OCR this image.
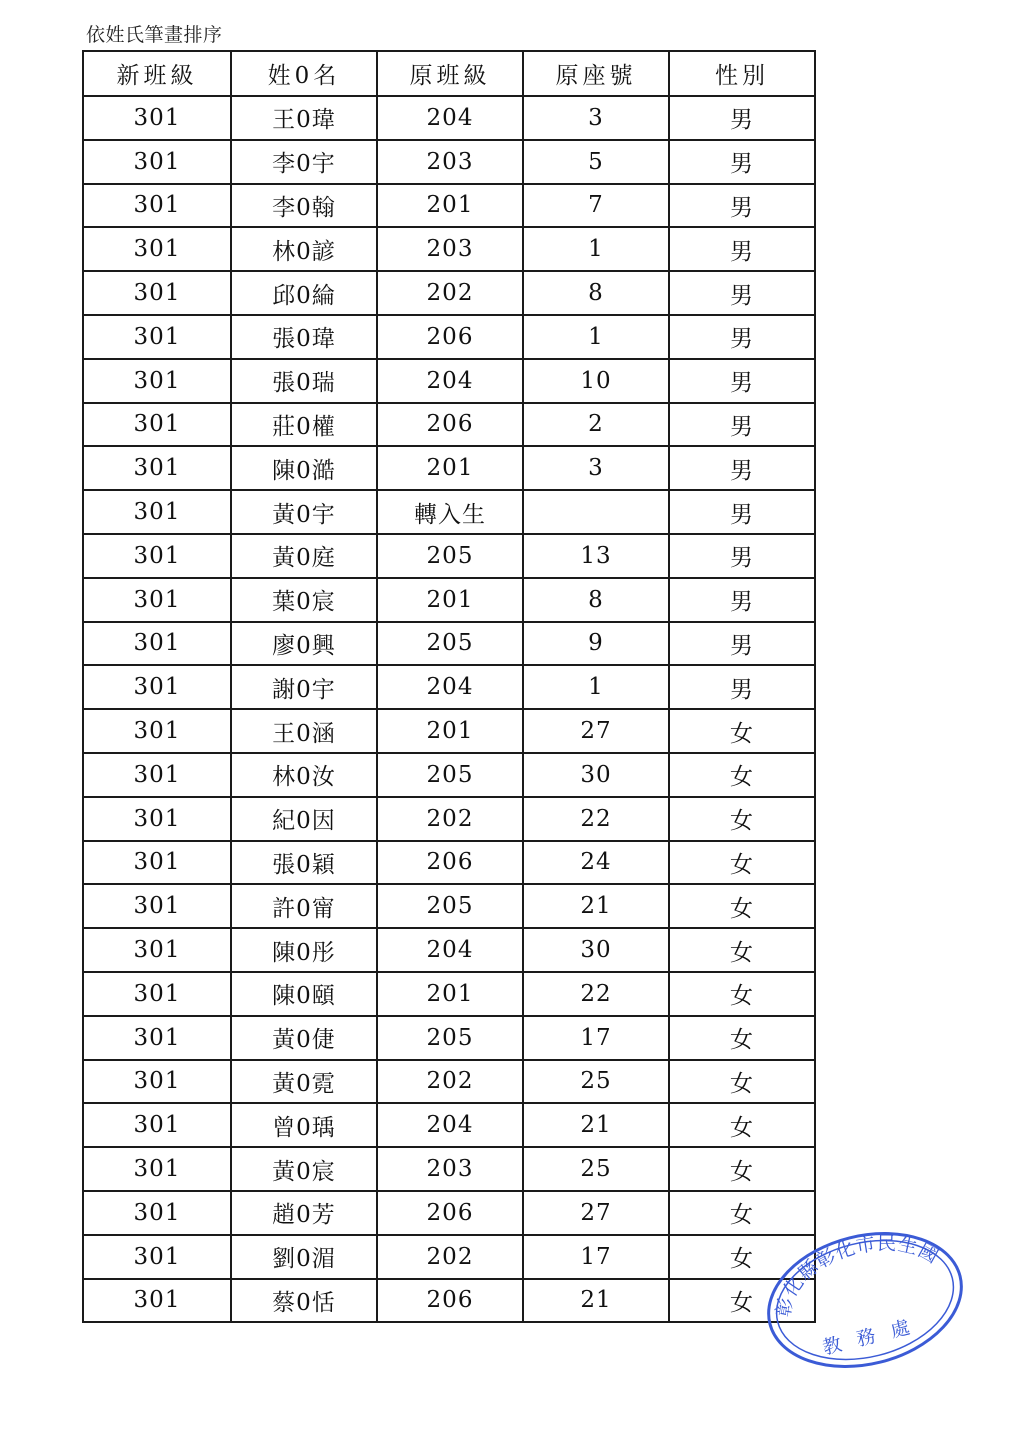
依姓氏筆畫排序
新班級	姓0名	原班級	原座號	性別
301	王0瑋	204	3	男
301	李0宇	203	5	男
301	李0翰	201	7	男
301	林0諺	203	1	男
301	邱0綸	202	8	男
301	張0瑋	206	1	男
301	張0瑞	204	10	男
301	莊0權	206	2	男
301	陳0澔	201	3	男
301	黃0宇	轉入生		男
301	黃0庭	205	13	男
301	葉0宸	201	8	男
301	廖0興	205	9	男
301	謝0宇	204	1	男
301	王0涵	201	27	女
301	林0汝	205	30	女
301	紀0因	202	22	女
301	張0穎	206	24	女
301	許0甯	205	21	女
301	陳0彤	204	30	女
301	陳0頤	201	22	女
301	黃0倢	205	17	女
301	黃0霓	202	25	女
301	曾0瑀	204	21	女
301	黃0宸	203	25	女
301	趙0芳	206	27	女
301	劉0湄	202	17	女
301	蔡0恬	206	21	女 彰化縣彰化市民生國民小學
教務處
